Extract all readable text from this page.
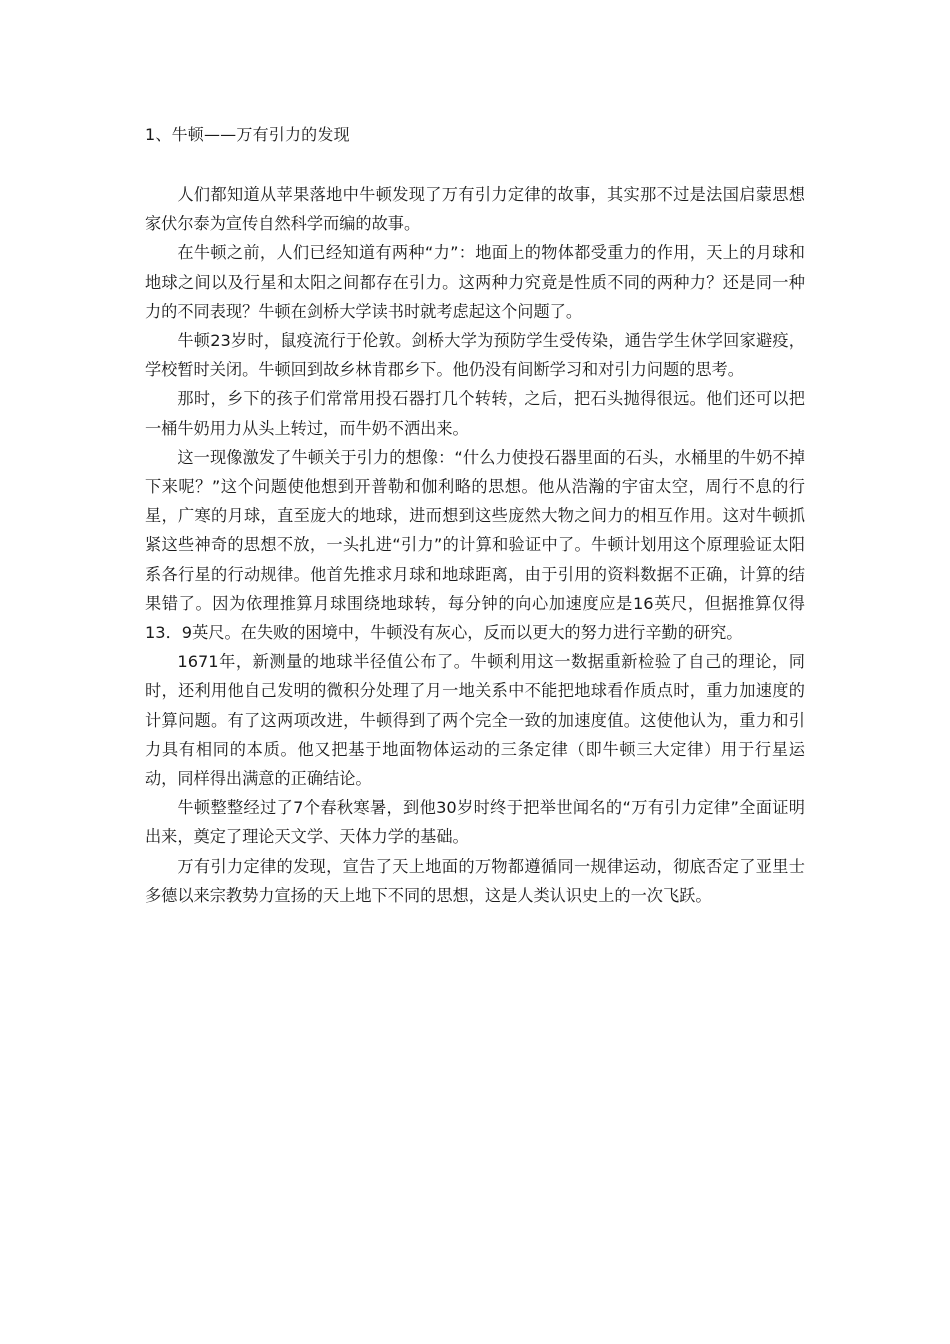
1、牛顿——万有引力的发现

人们都知道从苹果落地中牛顿发现了万有引力定律的故事，其实那不过是法国启蒙思想家伏尔泰为宣传自然科学而编的故事。

在牛顿之前，人们已经知道有两种“力”：地面上的物体都受重力的作用，天上的月球和地球之间以及行星和太阳之间都存在引力。这两种力究竟是性质不同的两种力？还是同一种力的不同表现？牛顿在剑桥大学读书时就考虑起这个问题了。

牛顿23岁时，鼠疫流行于伦敦。剑桥大学为预防学生受传染，通告学生休学回家避疫，学校暂时关闭。牛顿回到故乡林肯郡乡下。他仍没有间断学习和对引力问题的思考。

那时，乡下的孩子们常常用投石器打几个转转，之后，把石头抛得很远。他们还可以把一桶牛奶用力从头上转过，而牛奶不洒出来。

这一现像激发了牛顿关于引力的想像：“什么力使投石器里面的石头，水桶里的牛奶不掉下来呢？”这个问题使他想到开普勒和伽利略的思想。他从浩瀚的宇宙太空，周行不息的行星，广寒的月球，直至庞大的地球，进而想到这些庞然大物之间力的相互作用。这对牛顿抓紧这些神奇的思想不放，一头扎进“引力”的计算和验证中了。牛顿计划用这个原理验证太阳系各行星的行动规律。他首先推求月球和地球距离，由于引用的资料数据不正确，计算的结果错了。因为依理推算月球围绕地球转，每分钟的向心加速度应是16英尺，但据推算仅得13．9英尺。在失败的困境中，牛顿没有灰心，反而以更大的努力进行辛勤的研究。

1671年，新测量的地球半径值公布了。牛顿利用这一数据重新检验了自己的理论，同时，还利用他自己发明的微积分处理了月一地关系中不能把地球看作质点时，重力加速度的计算问题。有了这两项改进，牛顿得到了两个完全一致的加速度值。这使他认为，重力和引力具有相同的本质。他又把基于地面物体运动的三条定律（即牛顿三大定律）用于行星运动，同样得出满意的正确结论。

牛顿整整经过了7个春秋寒暑，到他30岁时终于把举世闻名的“万有引力定律”全面证明出来，奠定了理论天文学、天体力学的基础。

万有引力定律的发现，宣告了天上地面的万物都遵循同一规律运动，彻底否定了亚里士多德以来宗教势力宣扬的天上地下不同的思想，这是人类认识史上的一次飞跃。
